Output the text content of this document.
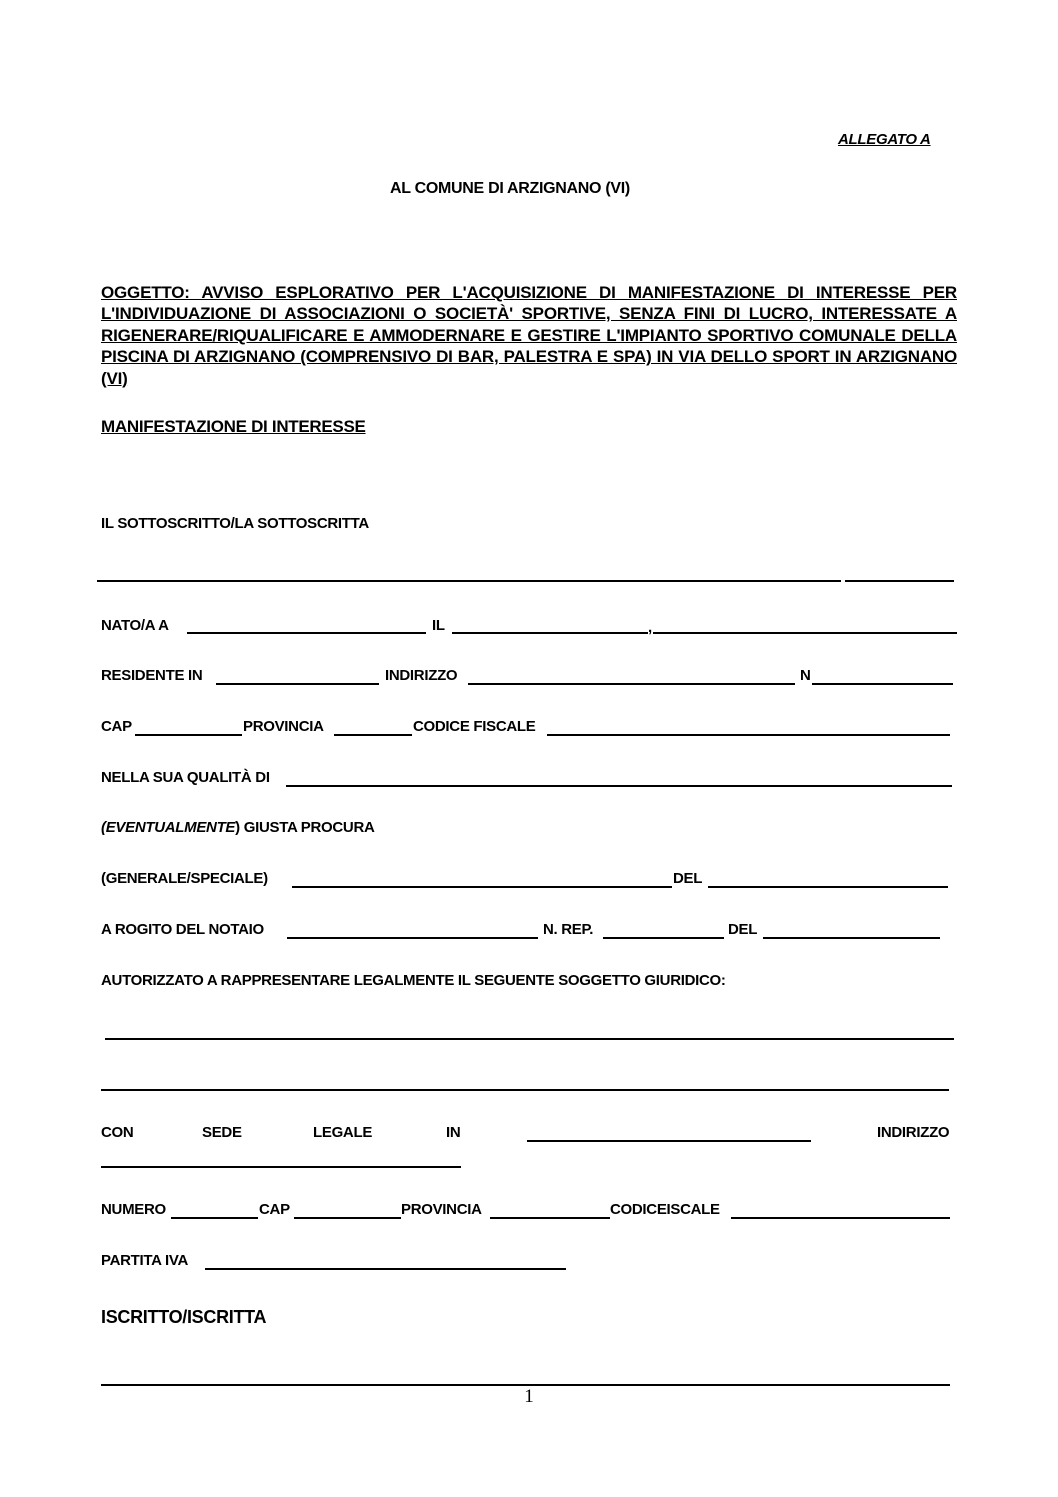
ALLEGATO A
AL COMUNE DI ARZIGNANO (VI)
OGGETTO: AVVISO ESPLORATIVO PER L'ACQUISIZIONE DI MANIFESTAZIONE DI INTERESSE PER L'INDIVIDUAZIONE DI ASSOCIAZIONI O SOCIETÀ' SPORTIVE, SENZA FINI DI LUCRO, INTERESSATE A RIGENERARE/RIQUALIFICARE E AMMODERNARE E GESTIRE L'IMPIANTO SPORTIVO COMUNALE DELLA PISCINA DI ARZIGNANO (COMPRENSIVO DI BAR, PALESTRA E SPA) IN VIA DELLO SPORT IN ARZIGNANO (VI)
MANIFESTAZIONE DI INTERESSE
IL SOTTOSCRITTO/LA SOTTOSCRITTA
NATO/A A	IL	,
RESIDENTE IN	INDIRIZZO	N
CAP	PROVINCIA	CODICE FISCALE
NELLA SUA QUALITÀ DI
(EVENTUALMENTE) GIUSTA PROCURA
(GENERALE/SPECIALE)	DEL
A ROGITO DEL NOTAIO	N. REP.	DEL
AUTORIZZATO A RAPPRESENTARE LEGALMENTE IL SEGUENTE SOGGETTO GIURIDICO:
CON	SEDE	LEGALE	IN	INDIRIZZO
NUMERO	CAP	PROVINCIA	CODICEISCALE
PARTITA IVA
ISCRITTO/ISCRITTA
1
